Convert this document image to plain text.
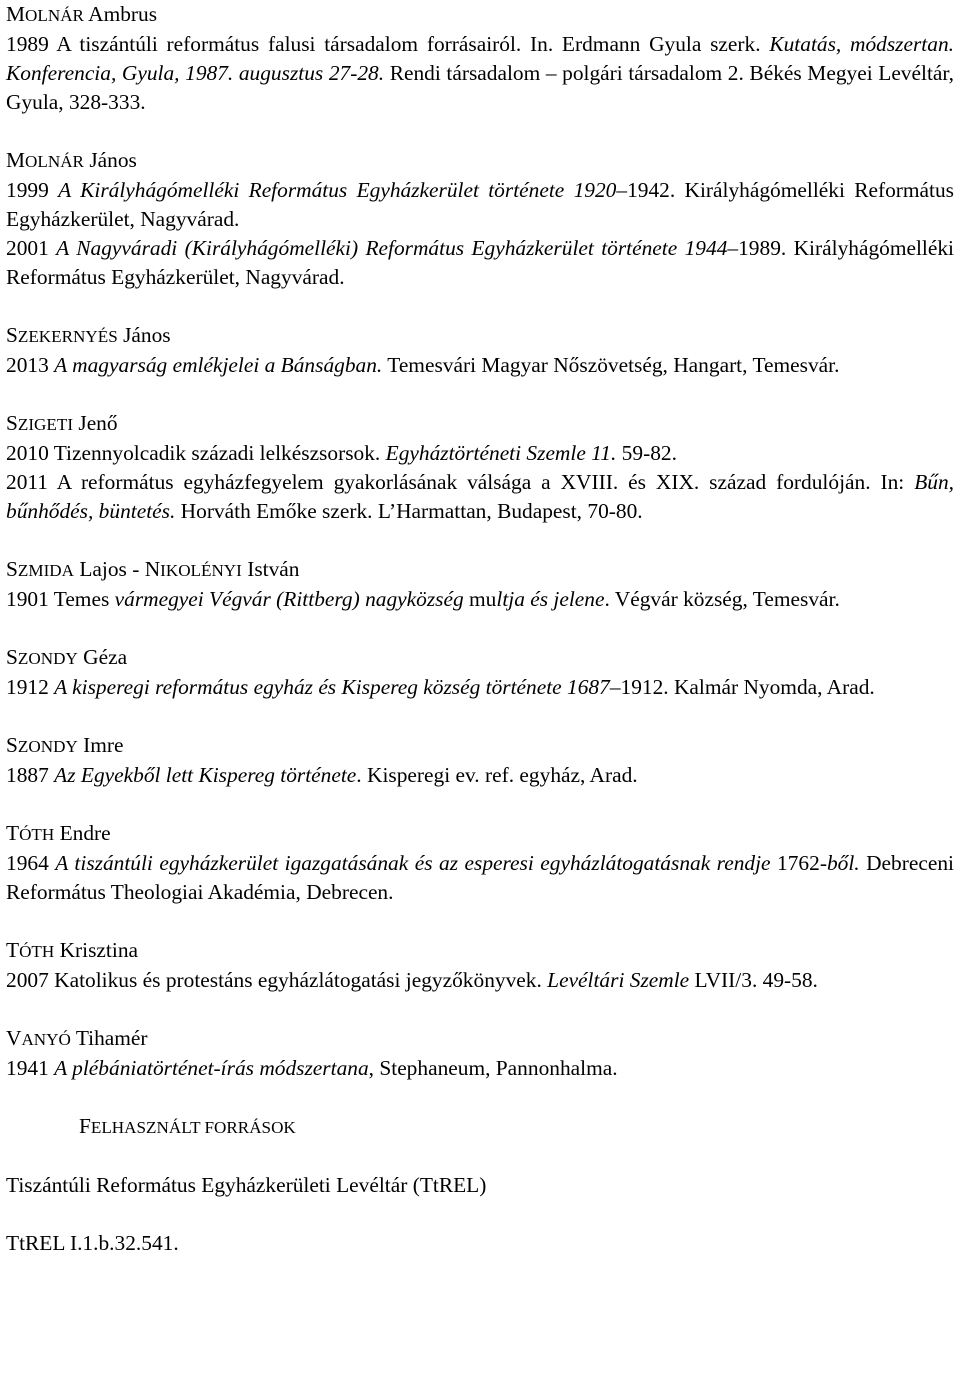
MOLNÁR Ambrus

1989 A tiszántúli református falusi társadalom forrásairól. In. Erdmann Gyula szerk. Kutatás, módszertan. Konferencia, Gyula, 1987. augusztus 27-28. Rendi társadalom – polgári társadalom 2. Békés Megyei Levéltár, Gyula, 328-333.

MOLNÁR János

1999 A Királyhágómelléki Református Egyházkerület története 1920–1942. Királyhágómelléki Református Egyházkerület, Nagyvárad.

2001 A Nagyváradi (Királyhágómelléki) Református Egyházkerület története 1944–1989. Királyhágómelléki Református Egyházkerület, Nagyvárad.

SZEKERNYÉS János

2013 A magyarság emlékjelei a Bánságban. Temesvári Magyar Nőszövetség, Hangart, Temesvár.

SZIGETI Jenő

2010 Tizennyolcadik századi lelkészsorsok. Egyháztörténeti Szemle 11. 59-82.

2011 A református egyházfegyelem gyakorlásának válsága a XVIII. és XIX. század fordulóján. In: Bűn, bűnhődés, büntetés. Horváth Emőke szerk. L’Harmattan, Budapest, 70-80.

SZMIDA Lajos - NIKOLÉNYI István

1901 Temes vármegyei Végvár (Rittberg) nagyközség multja és jelene. Végvár község, Temesvár.

SZONDY Géza

1912 A kisperegi református egyház és Kispereg község története 1687–1912. Kalmár Nyomda, Arad.

SZONDY Imre

1887 Az Egyekből lett Kispereg története. Kisperegi ev. ref. egyház, Arad.

TÓTH Endre

1964 A tiszántúli egyházkerület igazgatásának és az esperesi egyházlátogatásnak rendje 1762-ből. Debreceni Református Theologiai Akadémia, Debrecen.

TÓTH Krisztina

2007 Katolikus és protestáns egyházlátogatási jegyzőkönyvek. Levéltári Szemle LVII/3. 49-58.

VANYÓ Tihamér

1941 A plébániatörténet-írás módszertana, Stephaneum, Pannonhalma.

FELHASZNÁLT FORRÁSOK

Tiszántúli Református Egyházkerületi Levéltár (TtREL)

TtREL I.1.b.32.541.
